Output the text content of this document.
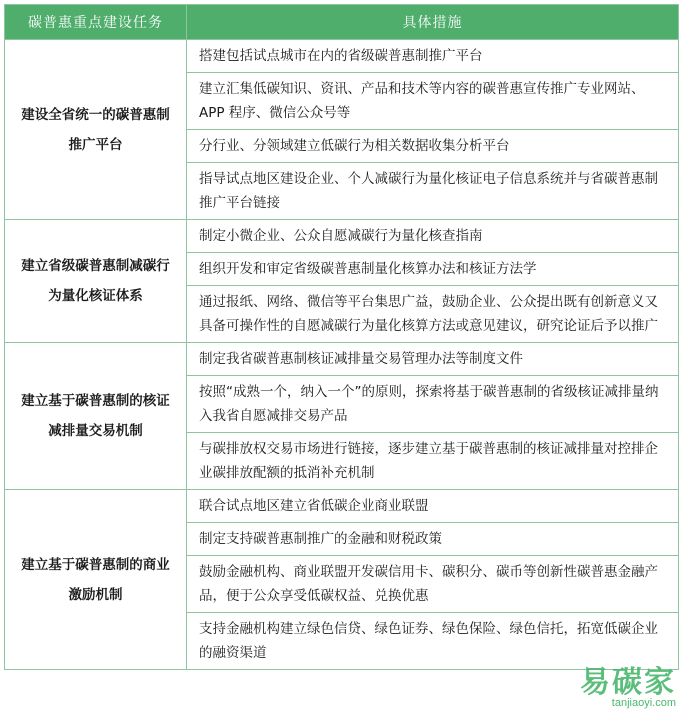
碳普惠重点建设任务	具体措施
建设全省统一的碳普惠制推广平台	搭建包括试点城市在内的省级碳普惠制推广平台
	建立汇集低碳知识、资讯、产品和技术等内容的碳普惠宣传推广专业网站、APP 程序、微信公众号等
	分行业、分领域建立低碳行为相关数据收集分析平台
	指导试点地区建设企业、个人减碳行为量化核证电子信息系统并与省碳普惠制推广平台链接
建立省级碳普惠制减碳行为量化核证体系	制定小微企业、公众自愿减碳行为量化核查指南
	组织开发和审定省级碳普惠制量化核算办法和核证方法学
	通过报纸、网络、微信等平台集思广益，鼓励企业、公众提出既有创新意义又具备可操作性的自愿减碳行为量化核算方法或意见建议，研究论证后予以推广
建立基于碳普惠制的核证减排量交易机制	制定我省碳普惠制核证减排量交易管理办法等制度文件
	按照“成熟一个，纳入一个”的原则，探索将基于碳普惠制的省级核证减排量纳入我省自愿减排交易产品
	与碳排放权交易市场进行链接，逐步建立基于碳普惠制的核证减排量对控排企业碳排放配额的抵消补充机制
建立基于碳普惠制的商业激励机制	联合试点地区建立省低碳企业商业联盟
	制定支持碳普惠制推广的金融和财税政策
	鼓励金融机构、商业联盟开发碳信用卡、碳积分、碳币等创新性碳普惠金融产品，便于公众享受低碳权益、兑换优惠
	支持金融机构建立绿色信贷、绿色证券、绿色保险、绿色信托，拓宽低碳企业的融资渠道
易碳家
tanjiaoyi.com
